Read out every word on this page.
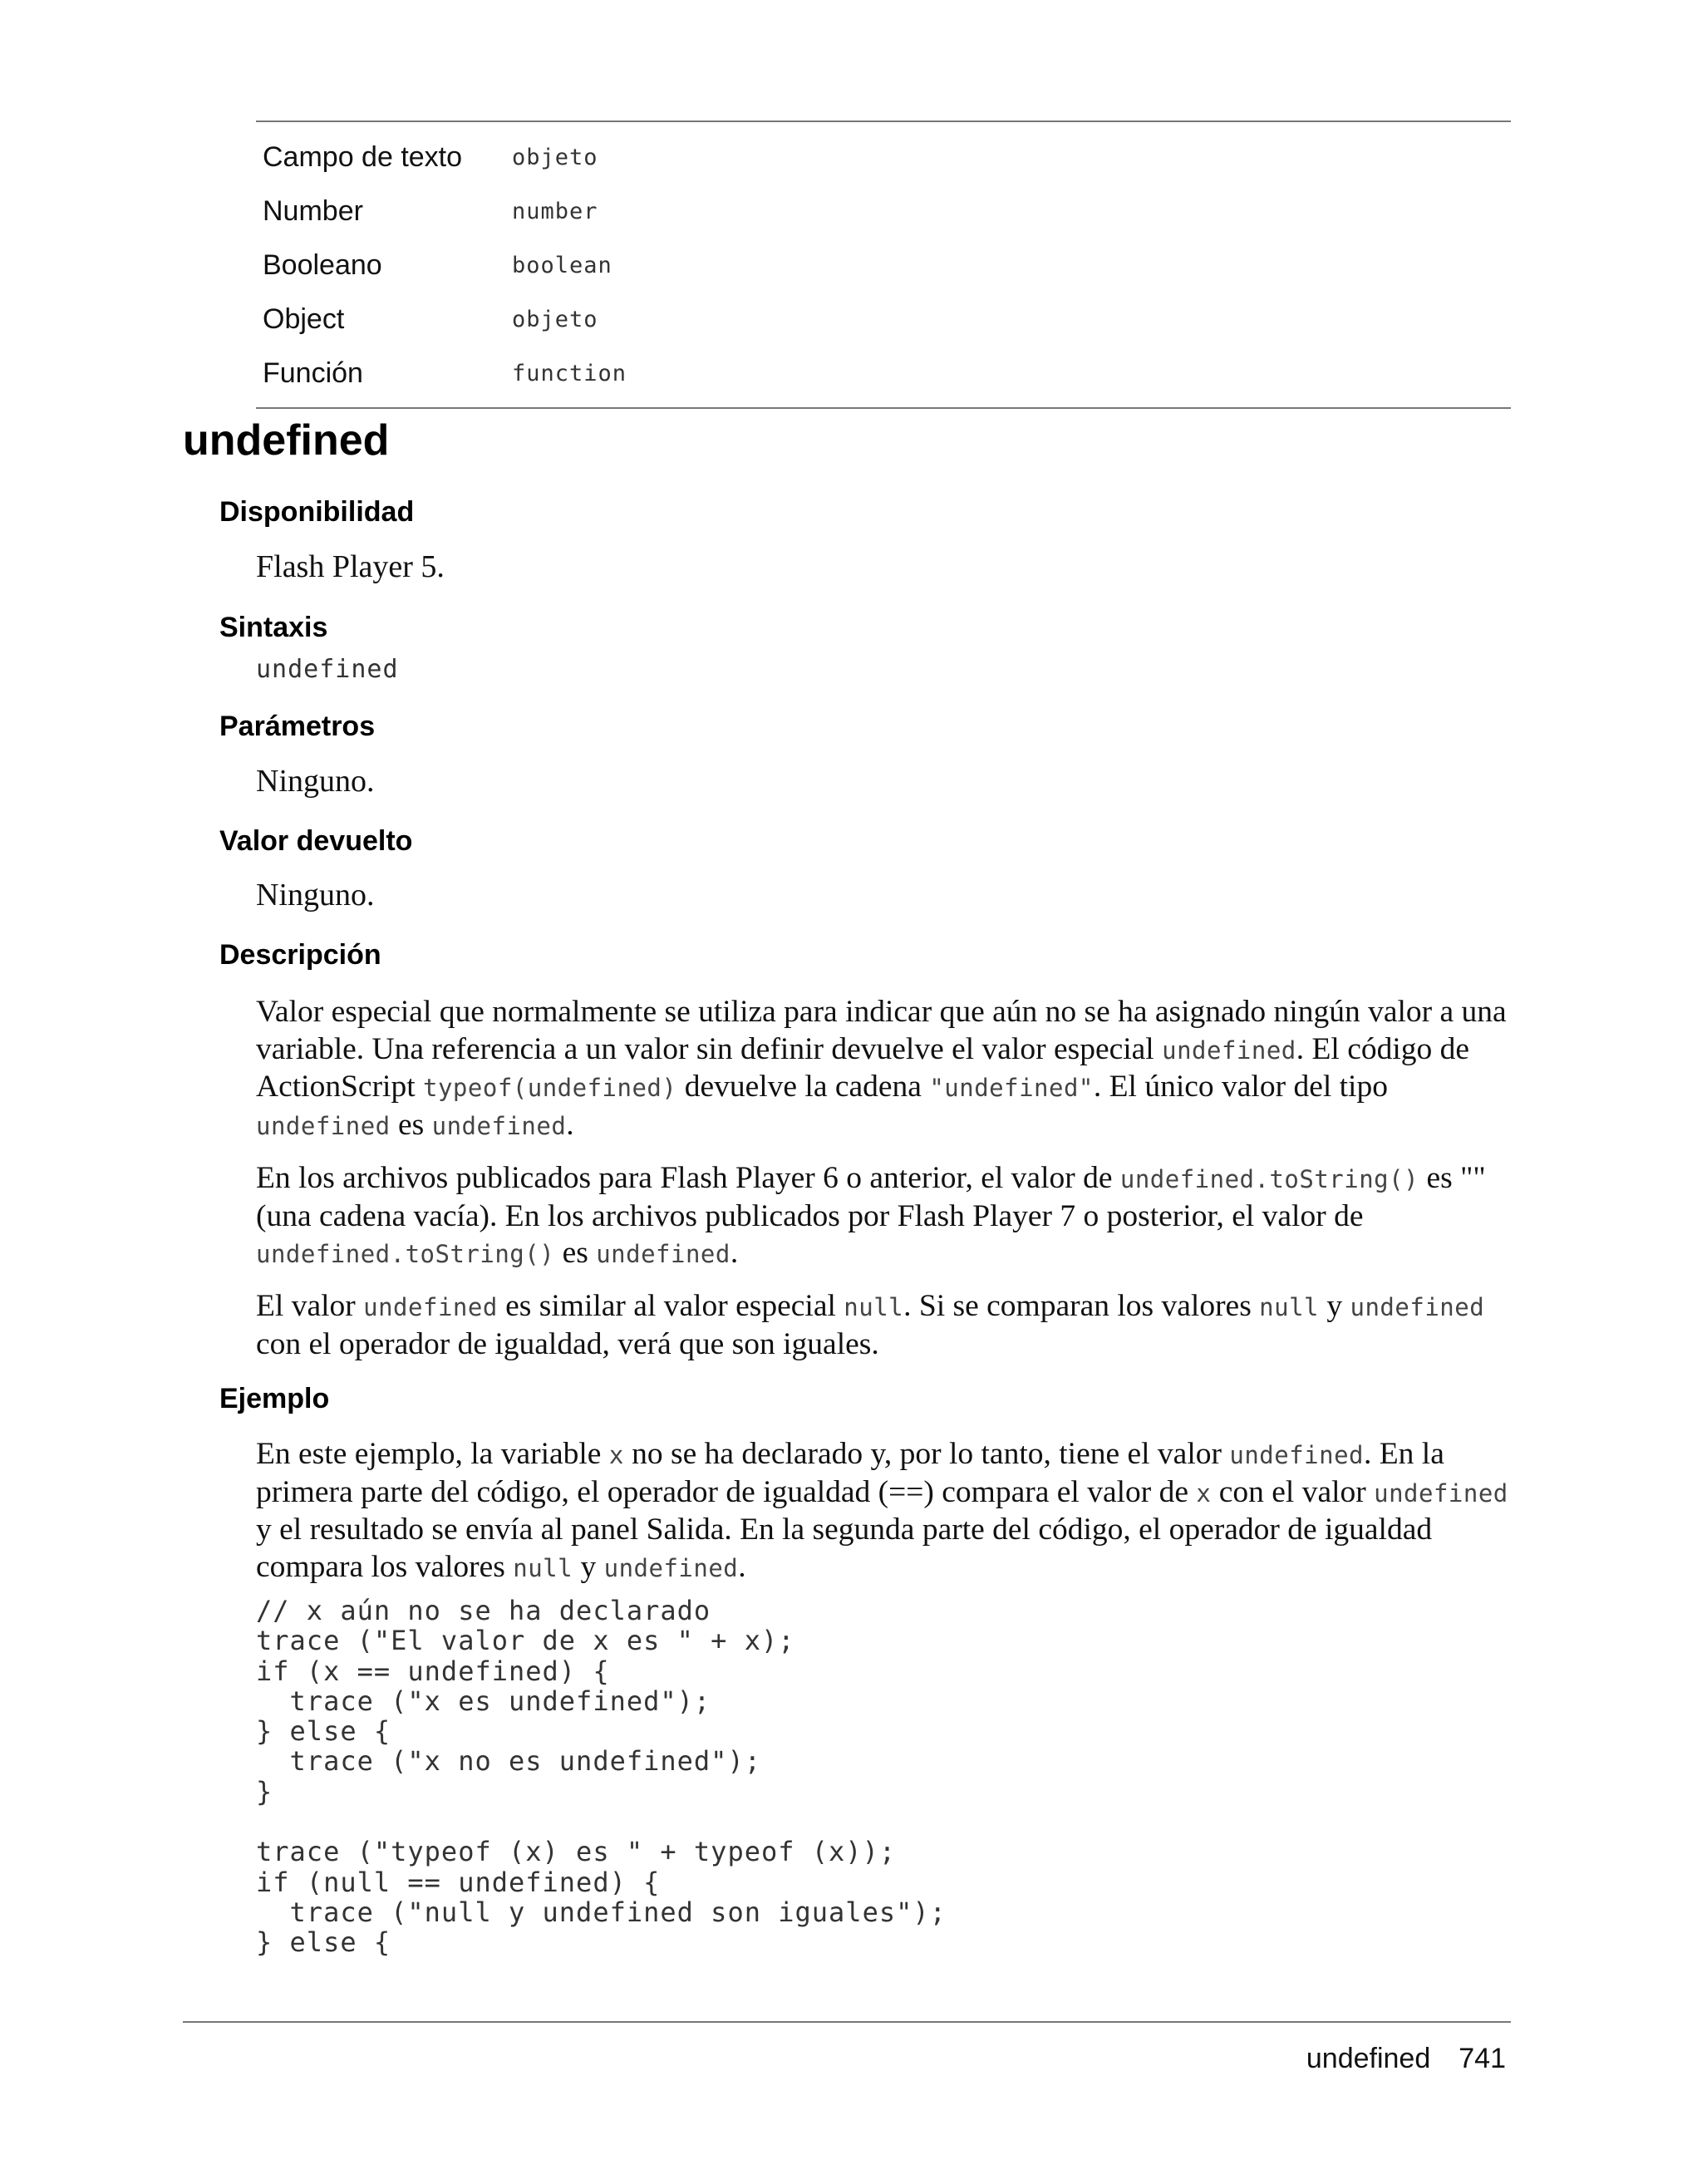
Campo de texto	objeto
Number	number
Booleano	boolean
Object	objeto
Función	function
undefined
Disponibilidad

Flash Player 5.

Sintaxis

undefined

Parámetros

Ninguno.

Valor devuelto

Ninguno.

Descripción

Valor especial que normalmente se utiliza para indicar que aún no se ha asignado ningún valor a una variable. Una referencia a un valor sin definir devuelve el valor especial undefined. El código de ActionScript typeof(undefined) devuelve la cadena "undefined". El único valor del tipo undefined es undefined.

En los archivos publicados para Flash Player 6 o anterior, el valor de undefined.toString() es "" (una cadena vacía). En los archivos publicados por Flash Player 7 o posterior, el valor de undefined.toString() es undefined.

El valor undefined es similar al valor especial null. Si se comparan los valores null y undefined con el operador de igualdad, verá que son iguales.

Ejemplo

En este ejemplo, la variable x no se ha declarado y, por lo tanto, tiene el valor undefined. En la primera parte del código, el operador de igualdad (==) compara el valor de x con el valor undefined y el resultado se envía al panel Salida. En la segunda parte del código, el operador de igualdad compara los valores null y undefined.

// x aún no se ha declarado
trace ("El valor de x es " + x);
if (x == undefined) {
trace ("x es undefined");
} else {
trace ("x no es undefined");
}

trace ("typeof (x) es " + typeof (x));
if (null == undefined) {
trace ("null y undefined son iguales");
} else {

undefined 741
